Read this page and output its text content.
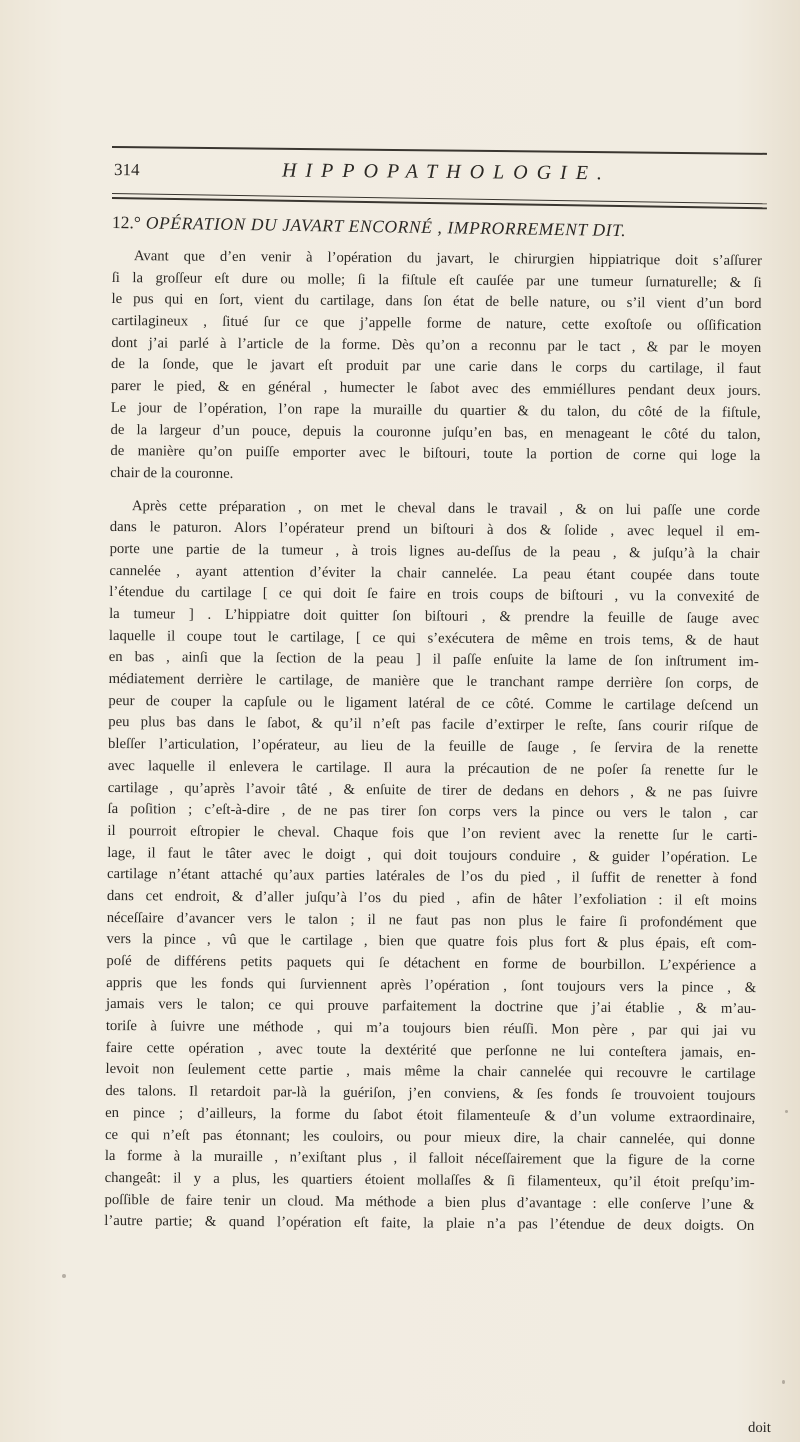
314	HIPPOPATHOLOGIE.
12.° OPÉRATION DU JAVART ENCORNÉ , IMPRORREMENT DIT.
Avant que d’en venir à l’opération du javart, le chirurgien hippiatrique doit s’aſſurer
ſi la groſſeur eſt dure ou molle; ſi la fiſtule eſt cauſée par une tumeur ſurnaturelle; & ſi
le pus qui en ſort, vient du cartilage, dans ſon état de belle nature, ou s’il vient d’un bord
cartilagineux , ſitué ſur ce que j’appelle forme de nature, cette exoſtoſe ou oſſification
dont j’ai parlé à l’article de la forme. Dès qu’on a reconnu par le tact , & par le moyen
de la ſonde, que le javart eſt produit par une carie dans le corps du cartilage, il faut
parer le pied, & en général , humecter le ſabot avec des emmiéllures pendant deux jours.
Le jour de l’opération, l’on rape la muraille du quartier & du talon, du côté de la fiſtule,
de la largeur d’un pouce, depuis la couronne juſqu’en bas, en menageant le côté du talon,
de manière qu’on puiſſe emporter avec le biſtouri, toute la portion de corne qui loge la
chair de la couronne.
Après cette préparation , on met le cheval dans le travail , & on lui paſſe une corde
dans le paturon. Alors l’opérateur prend un biſtouri à dos & ſolide , avec lequel il em-
porte une partie de la tumeur , à trois lignes au-deſſus de la peau , & juſqu’à la chair
cannelée , ayant attention d’éviter la chair cannelée. La peau étant coupée dans toute
l’étendue du cartilage [ ce qui doit ſe faire en trois coups de biſtouri , vu la convexité de
la tumeur ] . L’hippiatre doit quitter ſon biſtouri , & prendre la feuille de ſauge avec
laquelle il coupe tout le cartilage, [ ce qui s’exécutera de même en trois tems, & de haut
en bas , ainſi que la ſection de la peau ] il paſſe enſuite la lame de ſon inſtrument im-
médiatement derrière le cartilage, de manière que le tranchant rampe derrière ſon corps, de
peur de couper la capſule ou le ligament latéral de ce côté. Comme le cartilage deſcend un
peu plus bas dans le ſabot, & qu’il n’eſt pas facile d’extirper le reſte, ſans courir riſque de
bleſſer l’articulation, l’opérateur, au lieu de la feuille de ſauge , ſe ſervira de la renette
avec laquelle il enlevera le cartilage. Il aura la précaution de ne poſer ſa renette ſur le
cartilage , qu’après l’avoir tâté , & enſuite de tirer de dedans en dehors , & ne pas ſuivre
ſa poſition ; c’eſt-à-dire , de ne pas tirer ſon corps vers la pince ou vers le talon , car
il pourroit eſtropier le cheval. Chaque fois que l’on revient avec la renette ſur le carti-
lage, il faut le tâter avec le doigt , qui doit toujours conduire , & guider l’opération. Le
cartilage n’étant attaché qu’aux parties latérales de l’os du pied , il ſuffit de renetter à fond
dans cet endroit, & d’aller juſqu’à l’os du pied , afin de hâter l’exfoliation : il eſt moins
néceſſaire d’avancer vers le talon ; il ne faut pas non plus le faire ſi profondément que
vers la pince , vû que le cartilage , bien que quatre fois plus fort & plus épais, eſt com-
poſé de différens petits paquets qui ſe détachent en forme de bourbillon. L’expérience a
appris que les fonds qui ſurviennent après l’opération , ſont toujours vers la pince , &
jamais vers le talon; ce qui prouve parfaitement la doctrine que j’ai établie , & m’au-
toriſe à ſuivre une méthode , qui m’a toujours bien réuſſi. Mon père , par qui jai vu
faire cette opération , avec toute la dextérité que perſonne ne lui conteſtera jamais, en-
levoit non ſeulement cette partie , mais même la chair cannelée qui recouvre le cartilage
des talons. Il retardoit par-là la guériſon, j’en conviens, & ſes fonds ſe trouvoient toujours
en pince ; d’ailleurs, la forme du ſabot étoit filamenteuſe & d’un volume extraordinaire,
ce qui n’eſt pas étonnant; les couloirs, ou pour mieux dire, la chair cannelée, qui donne
la forme à la muraille , n’exiſtant plus , il falloit néceſſairement que la figure de la corne
changeât: il y a plus, les quartiers étoient mollaſſes & ſi filamenteux, qu’il étoit preſqu’im-
poſſible de faire tenir un cloud. Ma méthode a bien plus d’avantage : elle conſerve l’une &
l’autre partie; & quand l’opération eſt faite, la plaie n’a pas l’étendue de deux doigts. On
doit
